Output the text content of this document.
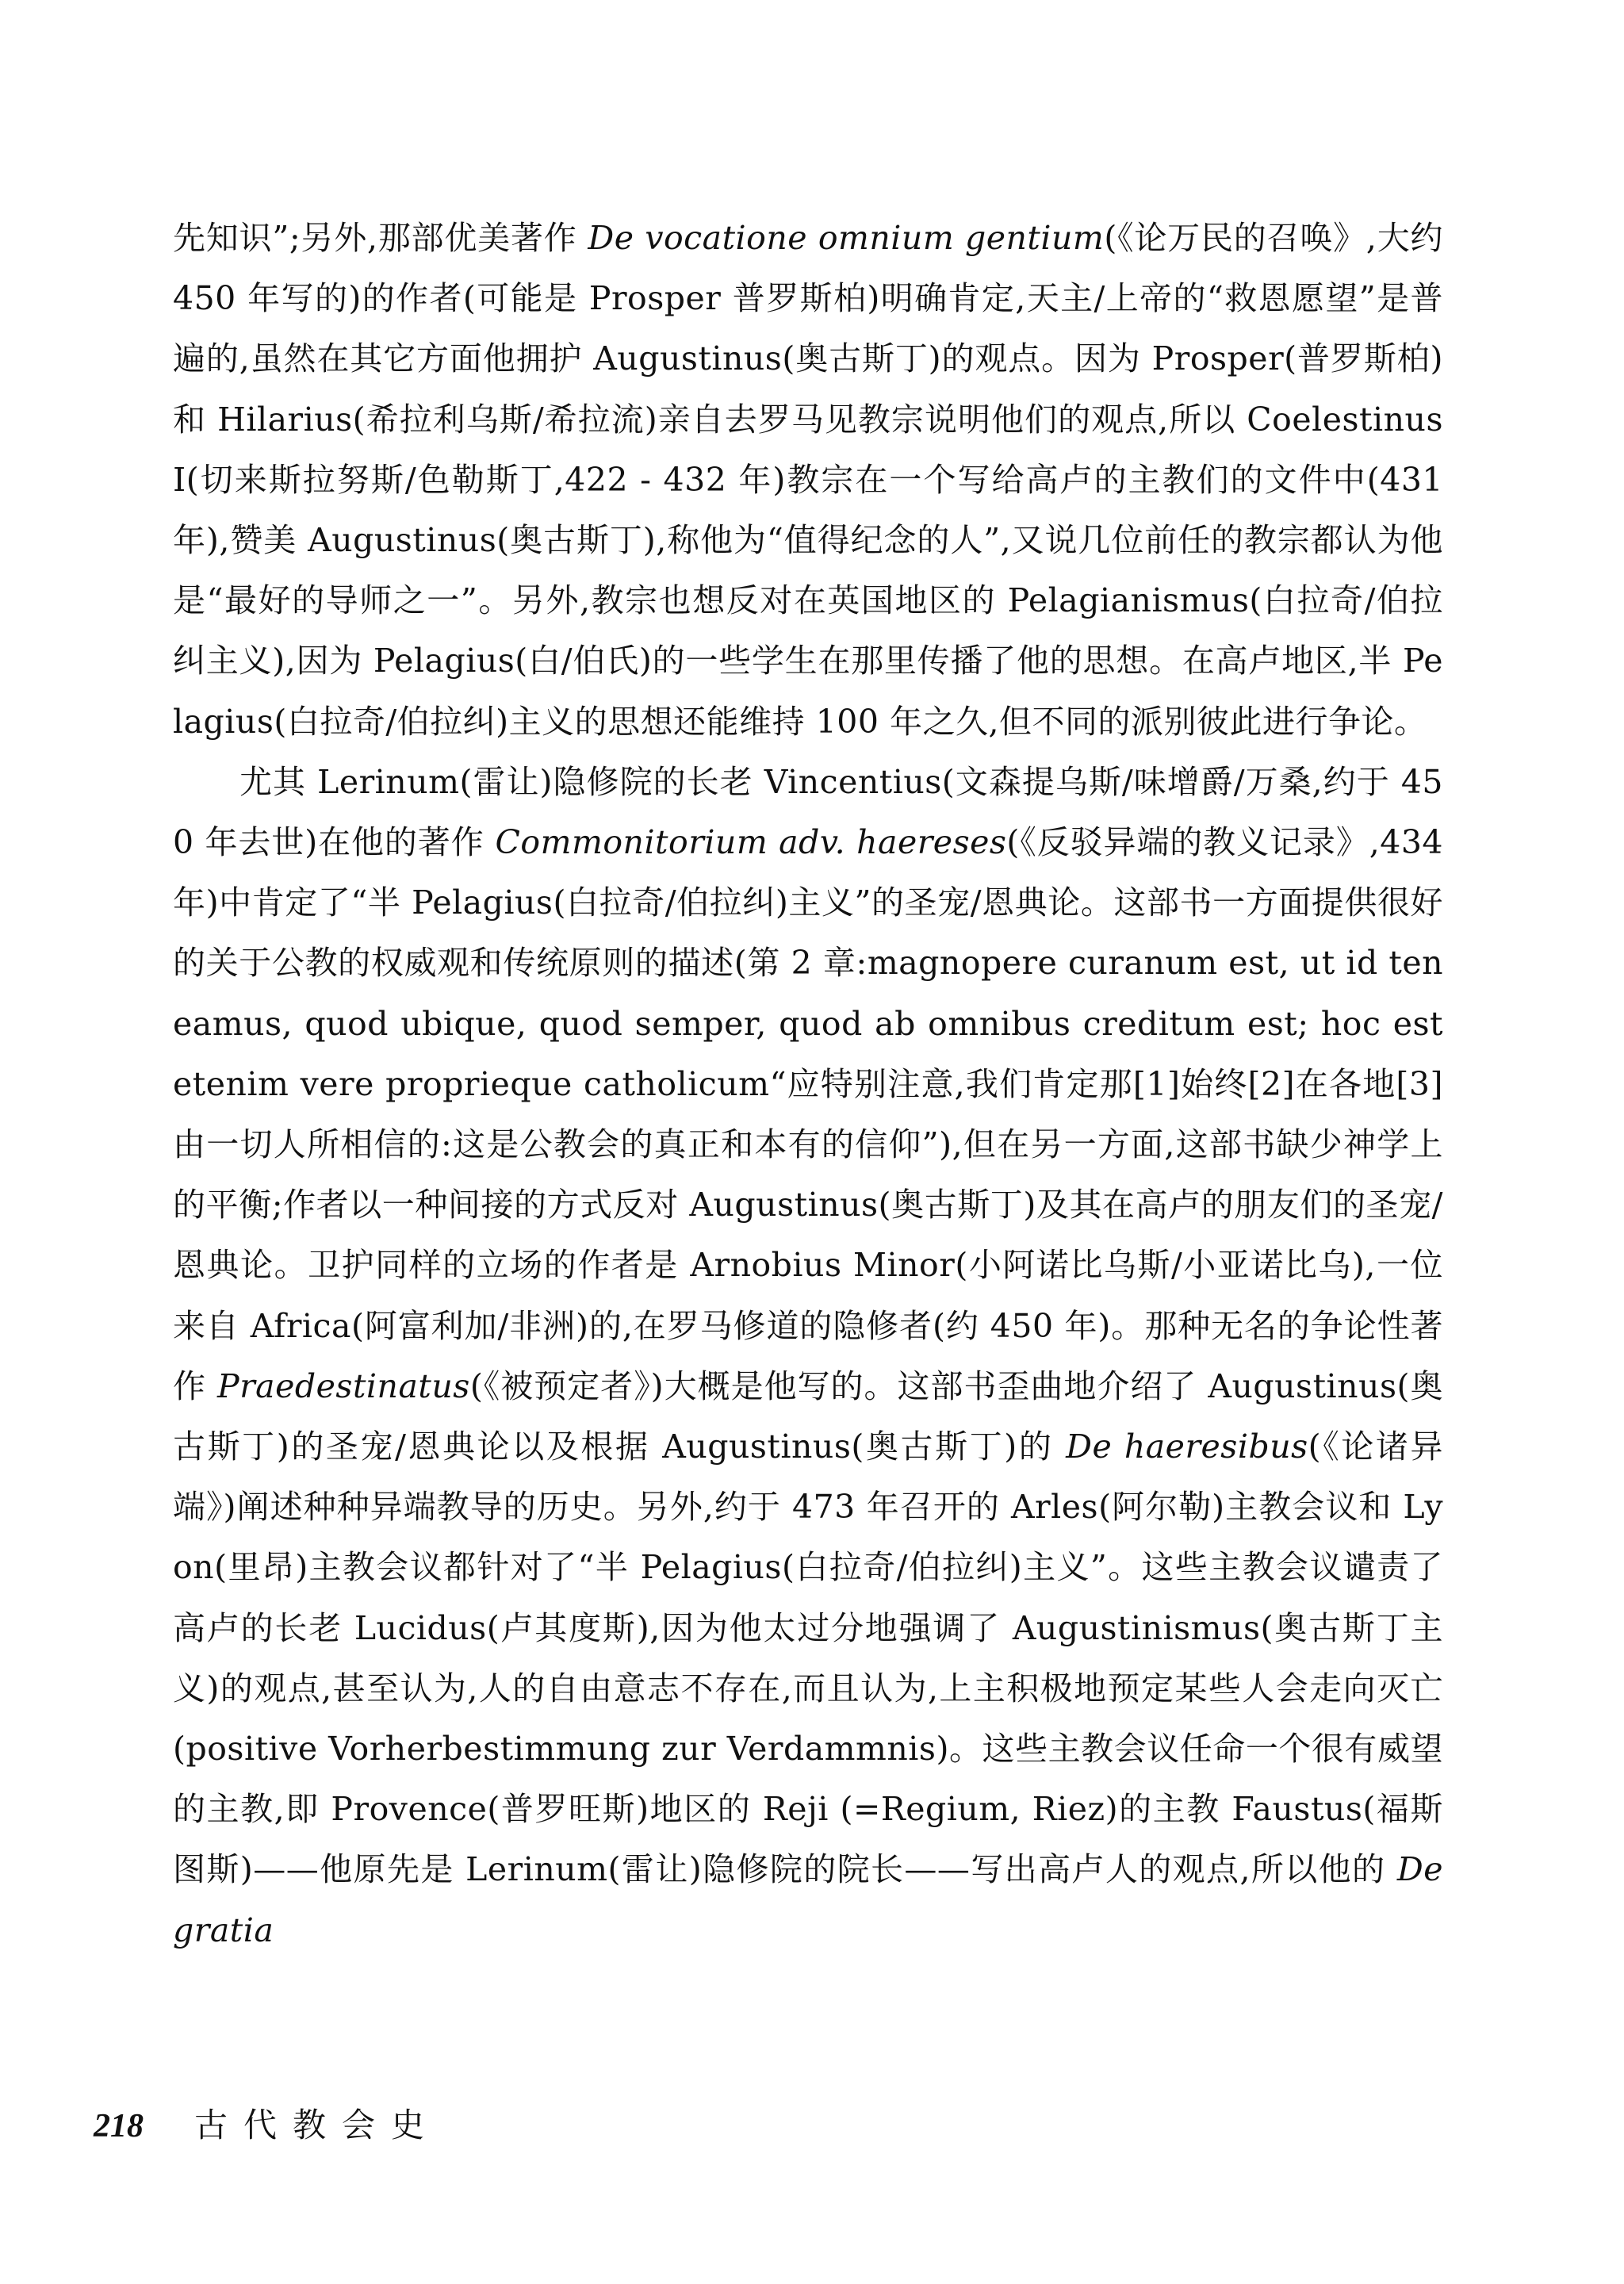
先知识”;另外,那部优美著作 De vocatione omnium gentium(《论万民的召唤》,大约 450 年写的)的作者(可能是 Prosper 普罗斯柏)明确肯定,天主/上帝的“救恩愿望”是普遍的,虽然在其它方面他拥护 Augustinus(奥古斯丁)的观点。因为 Prosper(普罗斯柏)和 Hilarius(希拉利乌斯/希拉流)亲自去罗马见教宗说明他们的观点,所以 Coelestinus I(切来斯拉努斯/色勒斯丁,422 - 432 年)教宗在一个写给高卢的主教们的文件中(431 年),赞美 Augustinus(奥古斯丁),称他为“值得纪念的人”,又说几位前任的教宗都认为他是“最好的导师之一”。另外,教宗也想反对在英国地区的 Pelagianismus(白拉奇/伯拉纠主义),因为 Pelagius(白/伯氏)的一些学生在那里传播了他的思想。在高卢地区,半 Pelagius(白拉奇/伯拉纠)主义的思想还能维持 100 年之久,但不同的派别彼此进行争论。

尤其 Lerinum(雷让)隐修院的长老 Vincentius(文森提乌斯/味增爵/万桑,约于 450 年去世)在他的著作 Commonitorium adv. haereses(《反驳异端的教义记录》,434 年)中肯定了“半 Pelagius(白拉奇/伯拉纠)主义”的圣宠/恩典论。这部书一方面提供很好的关于公教的权威观和传统原则的描述(第 2 章:magnopere curanum est, ut id teneamus, quod ubique, quod semper, quod ab omnibus creditum est; hoc est etenim vere proprieque catholicum“应特别注意,我们肯定那[1]始终[2]在各地[3]由一切人所相信的:这是公教会的真正和本有的信仰”),但在另一方面,这部书缺少神学上的平衡;作者以一种间接的方式反对 Augustinus(奥古斯丁)及其在高卢的朋友们的圣宠/恩典论。卫护同样的立场的作者是 Arnobius Minor(小阿诺比乌斯/小亚诺比乌),一位来自 Africa(阿富利加/非洲)的,在罗马修道的隐修者(约 450 年)。那种无名的争论性著作 Praedestinatus(《被预定者》)大概是他写的。这部书歪曲地介绍了 Augustinus(奥古斯丁)的圣宠/恩典论以及根据 Augustinus(奥古斯丁)的 De haeresibus(《论诸异端》)阐述种种异端教导的历史。另外,约于 473 年召开的 Arles(阿尔勒)主教会议和 Lyon(里昂)主教会议都针对了“半 Pelagius(白拉奇/伯拉纠)主义”。这些主教会议谴责了高卢的长老 Lucidus(卢其度斯),因为他太过分地强调了 Augustinismus(奥古斯丁主义)的观点,甚至认为,人的自由意志不存在,而且认为,上主积极地预定某些人会走向灭亡(positive Vorherbestimmung zur Verdammnis)。这些主教会议任命一个很有威望的主教,即 Provence(普罗旺斯)地区的 Reji (=Regium, Riez)的主教 Faustus(福斯图斯)——他原先是 Lerinum(雷让)隐修院的院长——写出高卢人的观点,所以他的 De gratia

218 古代教会史
